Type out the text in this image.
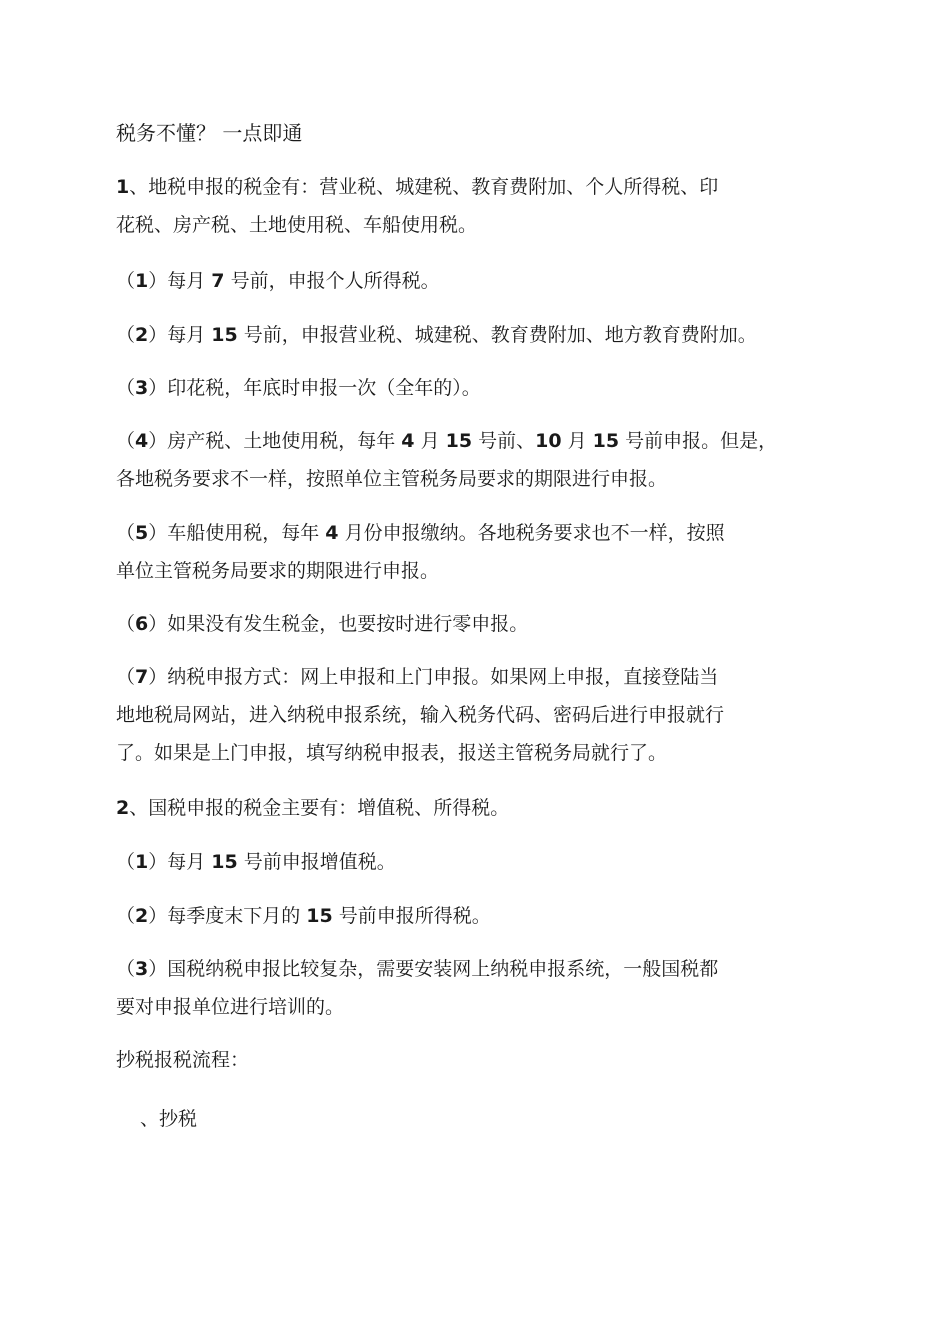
税务不懂？ 一点即通

1、地税申报的税金有：营业税、城建税、教育费附加、个人所得税、印
花税、房产税、土地使用税、车船使用税。

（1）每月 7 号前，申报个人所得税。

（2）每月 15 号前，申报营业税、城建税、教育费附加、地方教育费附加。

（3）印花税，年底时申报一次（全年的）。

（4）房产税、土地使用税，每年 4 月 15 号前、10 月 15 号前申报。但是，
各地税务要求不一样，按照单位主管税务局要求的期限进行申报。

（5）车船使用税，每年 4 月份申报缴纳。各地税务要求也不一样，按照
单位主管税务局要求的期限进行申报。

（6）如果没有发生税金，也要按时进行零申报。

（7）纳税申报方式：网上申报和上门申报。如果网上申报，直接登陆当
地地税局网站，进入纳税申报系统，输入税务代码、密码后进行申报就行
了。如果是上门申报，填写纳税申报表，报送主管税务局就行了。

2、国税申报的税金主要有：增值税、所得税。

（1）每月 15 号前申报增值税。

（2）每季度末下月的 15 号前申报所得税。

（3）国税纳税申报比较复杂，需要安装网上纳税申报系统，一般国税都
要对申报单位进行培训的。

抄税报税流程：

、抄税
